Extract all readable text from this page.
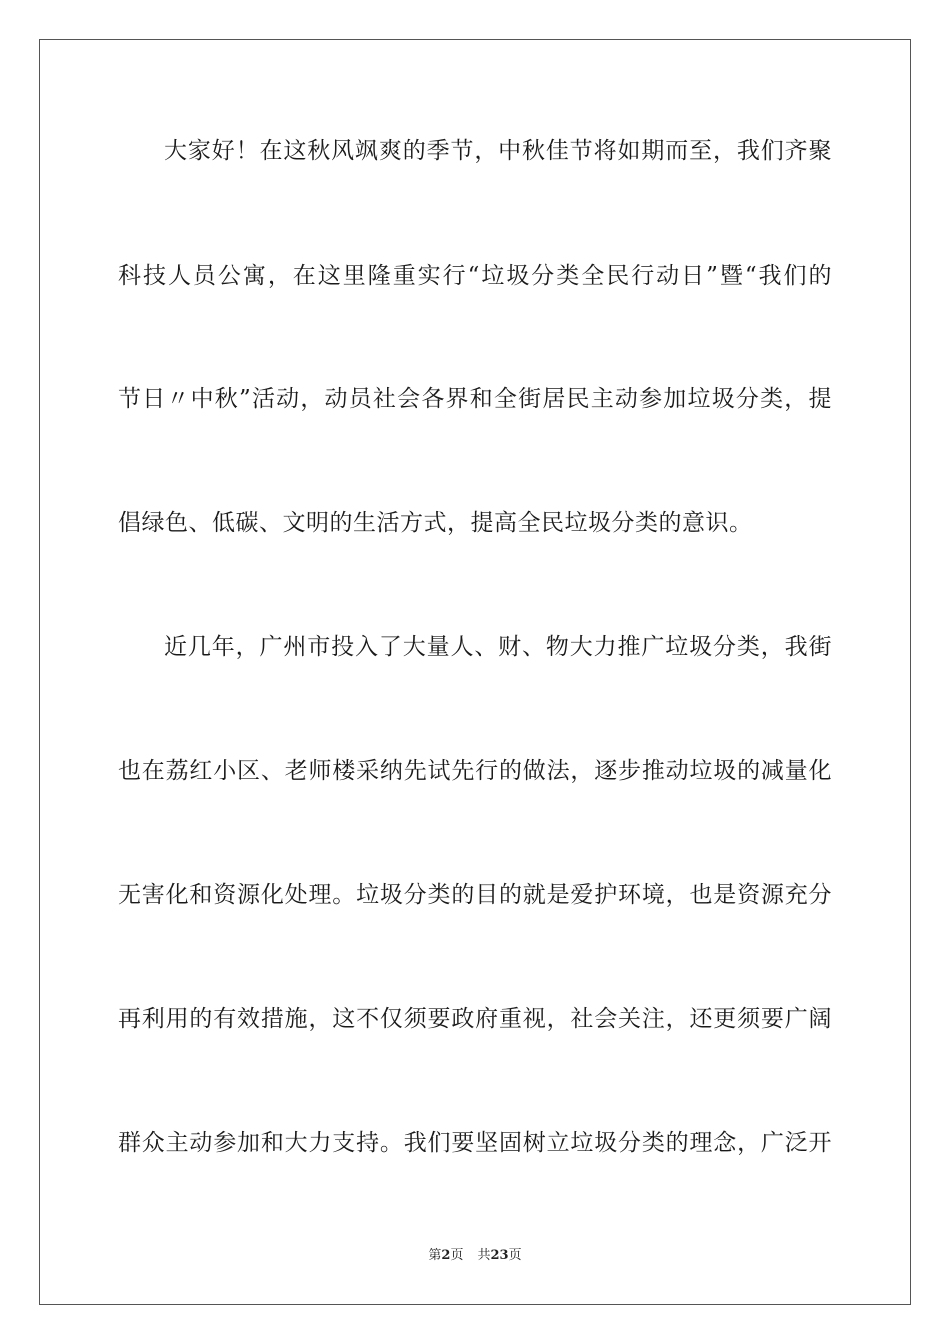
大家好！在这秋风飒爽的季节，中秋佳节将如期而至，我们齐聚
科技人员公寓，在这里隆重实行“垃圾分类全民行动日”暨“我们的
节日〃中秋”活动，动员社会各界和全街居民主动参加垃圾分类，提
倡绿色、低碳、文明的生活方式，提高全民垃圾分类的意识。
近几年，广州市投入了大量人、财、物大力推广垃圾分类，我街
也在荔红小区、老师楼采纳先试先行的做法，逐步推动垃圾的减量化
无害化和资源化处理。垃圾分类的目的就是爱护环境，也是资源充分
再利用的有效措施，这不仅须要政府重视，社会关注，还更须要广阔
群众主动参加和大力支持。我们要坚固树立垃圾分类的理念，广泛开
第2页 共23页
